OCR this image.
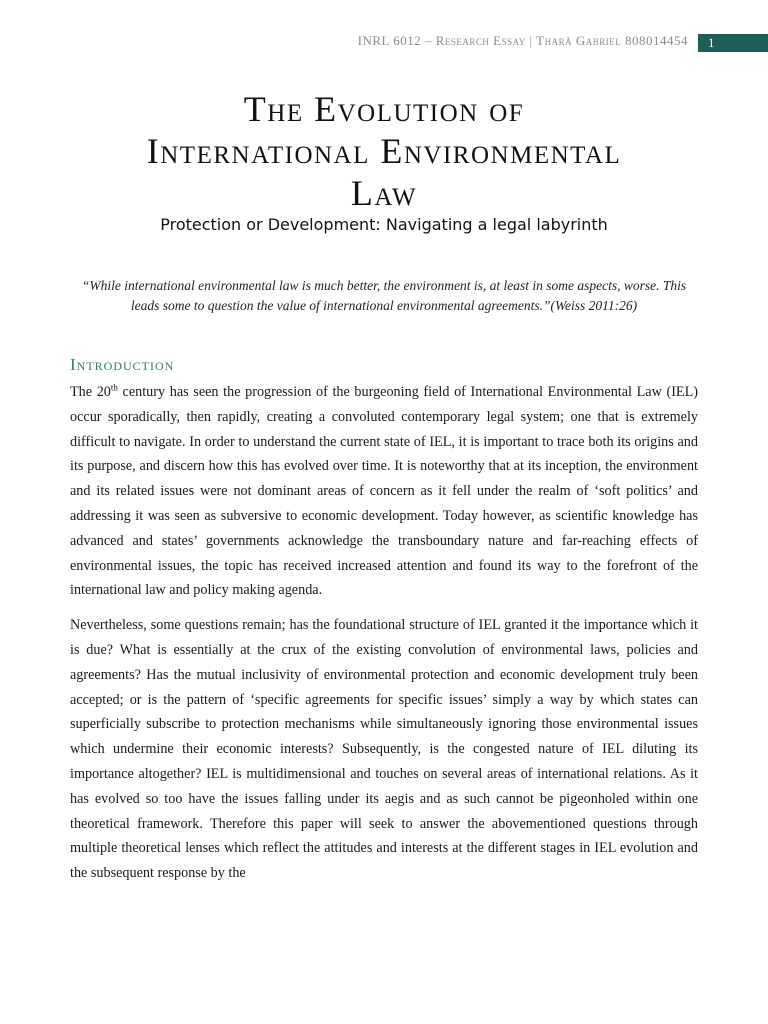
INRL 6012 – Research Essay | Tharā Gabriel 808014454	1
The Evolution of
International Environmental
Law
Protection or Development: Navigating a legal labyrinth
“While international environmental law is much better, the environment is, at least in some aspects, worse. This leads some to question the value of international environmental agreements.”(Weiss 2011:26)
Introduction

The 20th century has seen the progression of the burgeoning field of International Environmental Law (IEL) occur sporadically, then rapidly, creating a convoluted contemporary legal system; one that is extremely difficult to navigate. In order to understand the current state of IEL, it is important to trace both its origins and its purpose, and discern how this has evolved over time. It is noteworthy that at its inception, the environment and its related issues were not dominant areas of concern as it fell under the realm of ‘soft politics’ and addressing it was seen as subversive to economic development. Today however, as scientific knowledge has advanced and states’ governments acknowledge the transboundary nature and far-reaching effects of environmental issues, the topic has received increased attention and found its way to the forefront of the international law and policy making agenda.

Nevertheless, some questions remain; has the foundational structure of IEL granted it the importance which it is due? What is essentially at the crux of the existing convolution of environmental laws, policies and agreements? Has the mutual inclusivity of environmental protection and economic development truly been accepted; or is the pattern of ‘specific agreements for specific issues’ simply a way by which states can superficially subscribe to protection mechanisms while simultaneously ignoring those environmental issues which undermine their economic interests? Subsequently, is the congested nature of IEL diluting its importance altogether? IEL is multidimensional and touches on several areas of international relations. As it has evolved so too have the issues falling under its aegis and as such cannot be pigeonholed within one theoretical framework. Therefore this paper will seek to answer the abovementioned questions through multiple theoretical lenses which reflect the attitudes and interests at the different stages in IEL evolution and the subsequent response by the
